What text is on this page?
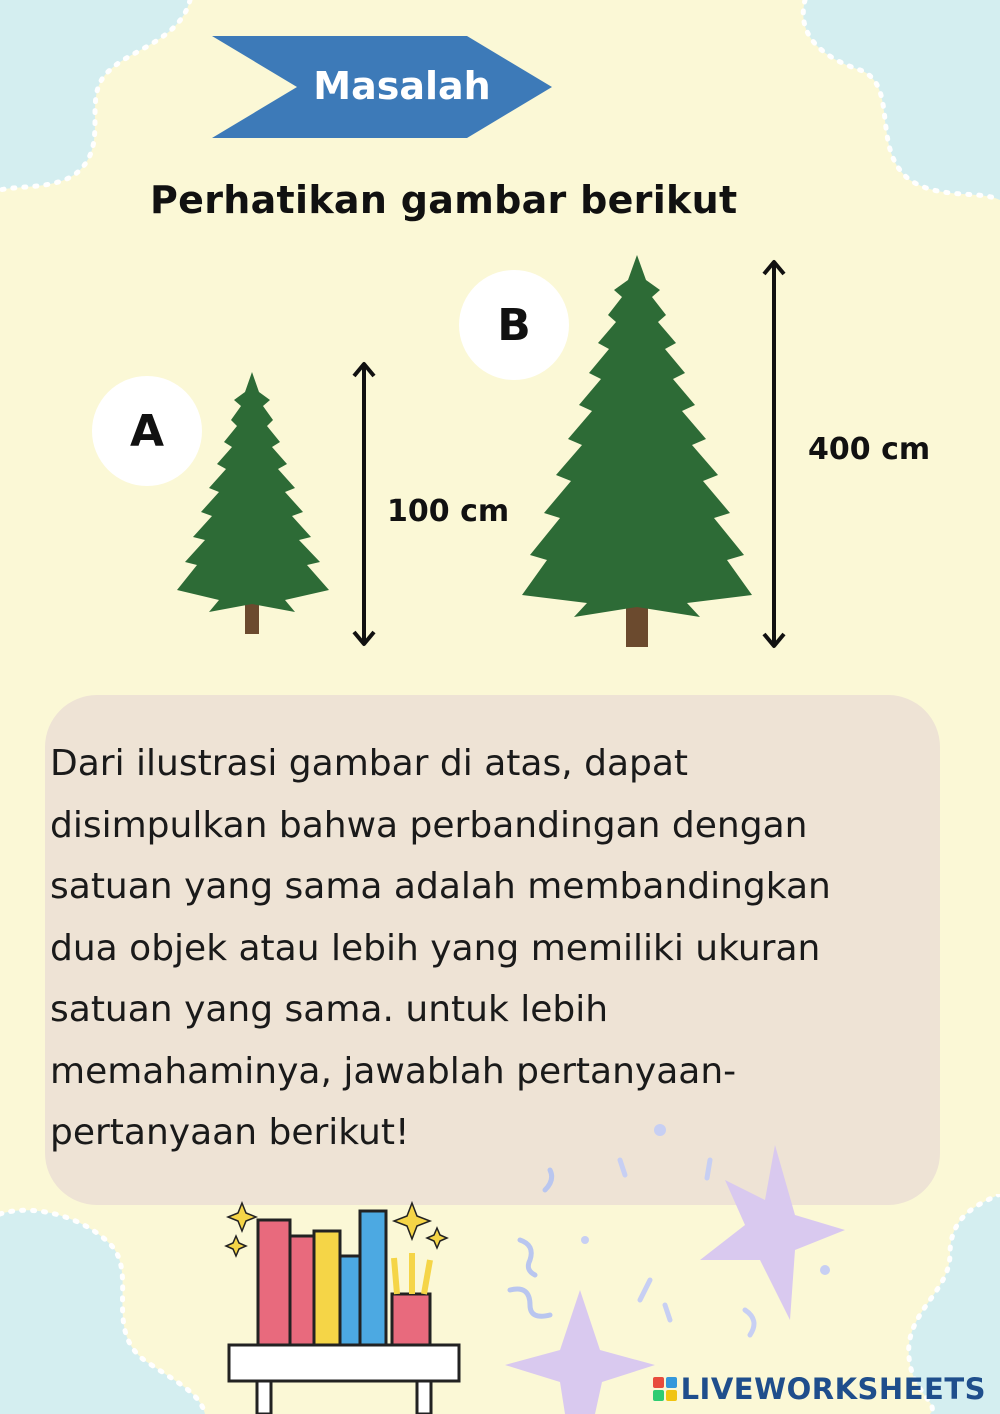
Masalah
Perhatikan gambar berikut
A
B
100 cm
400 cm
Dari ilustrasi gambar di atas, dapat
disimpulkan bahwa perbandingan dengan
satuan yang sama adalah membandingkan
dua objek atau lebih yang memiliki ukuran
satuan yang sama. untuk lebih
memahaminya, jawablah pertanyaan-
pertanyaan berikut!
LIVEWORKSHEETS
